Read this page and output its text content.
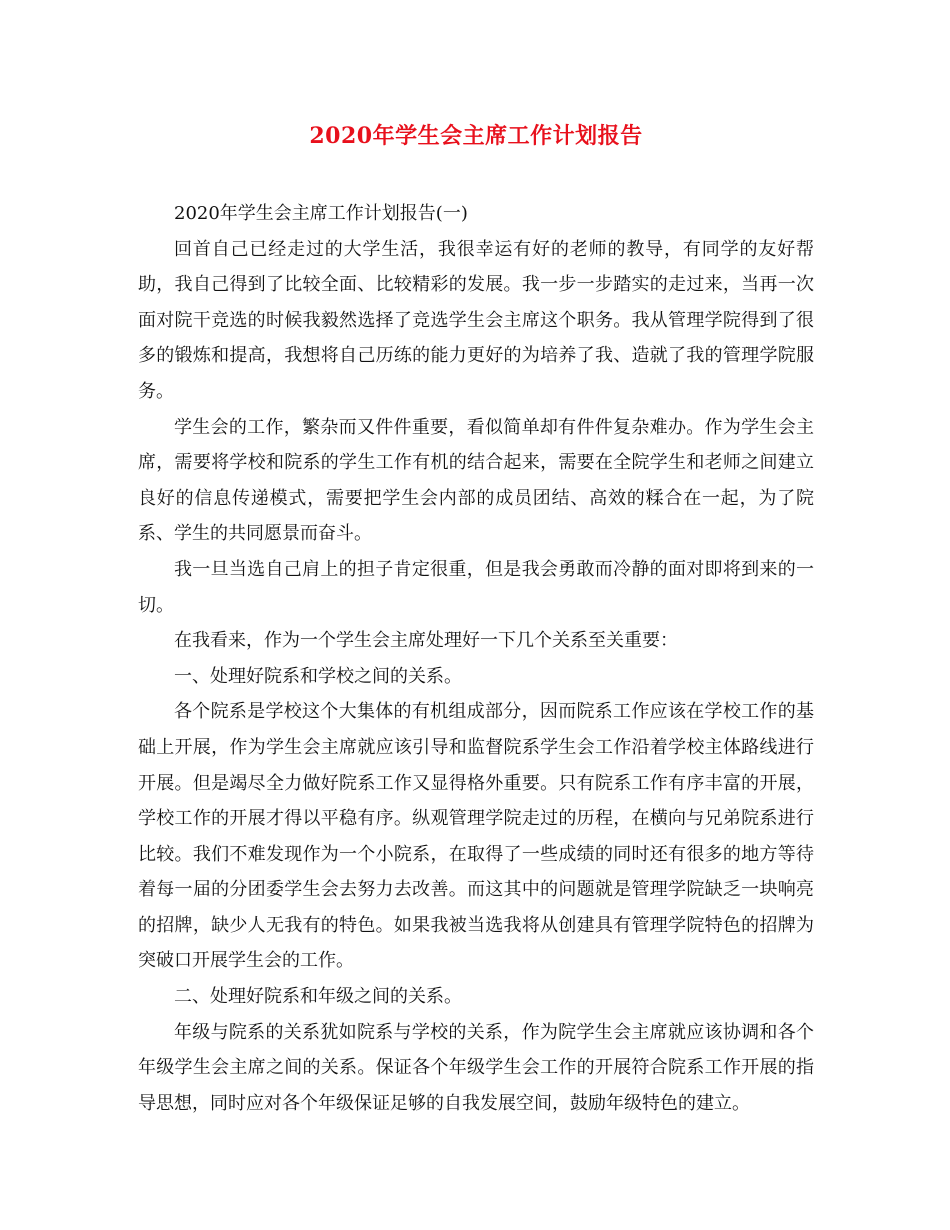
2020年学生会主席工作计划报告

2020年学生会主席工作计划报告(一)

回首自己已经走过的大学生活，我很幸运有好的老师的教导，有同学的友好帮助，我自己得到了比较全面、比较精彩的发展。我一步一步踏实的走过来，当再一次面对院干竞选的时候我毅然选择了竞选学生会主席这个职务。我从管理学院得到了很多的锻炼和提高，我想将自己历练的能力更好的为培养了我、造就了我的管理学院服务。

学生会的工作，繁杂而又件件重要，看似简单却有件件复杂难办。作为学生会主席，需要将学校和院系的学生工作有机的结合起来，需要在全院学生和老师之间建立良好的信息传递模式，需要把学生会内部的成员团结、高效的糅合在一起，为了院系、学生的共同愿景而奋斗。

我一旦当选自己肩上的担子肯定很重，但是我会勇敢而冷静的面对即将到来的一切。

在我看来，作为一个学生会主席处理好一下几个关系至关重要：

一、处理好院系和学校之间的关系。

各个院系是学校这个大集体的有机组成部分，因而院系工作应该在学校工作的基础上开展，作为学生会主席就应该引导和监督院系学生会工作沿着学校主体路线进行开展。但是竭尽全力做好院系工作又显得格外重要。只有院系工作有序丰富的开展，学校工作的开展才得以平稳有序。纵观管理学院走过的历程，在横向与兄弟院系进行比较。我们不难发现作为一个小院系，在取得了一些成绩的同时还有很多的地方等待着每一届的分团委学生会去努力去改善。而这其中的问题就是管理学院缺乏一块响亮的招牌，缺少人无我有的特色。如果我被当选我将从创建具有管理学院特色的招牌为突破口开展学生会的工作。

二、处理好院系和年级之间的关系。

年级与院系的关系犹如院系与学校的关系，作为院学生会主席就应该协调和各个年级学生会主席之间的关系。保证各个年级学生会工作的开展符合院系工作开展的指导思想，同时应对各个年级保证足够的自我发展空间，鼓励年级特色的建立。
